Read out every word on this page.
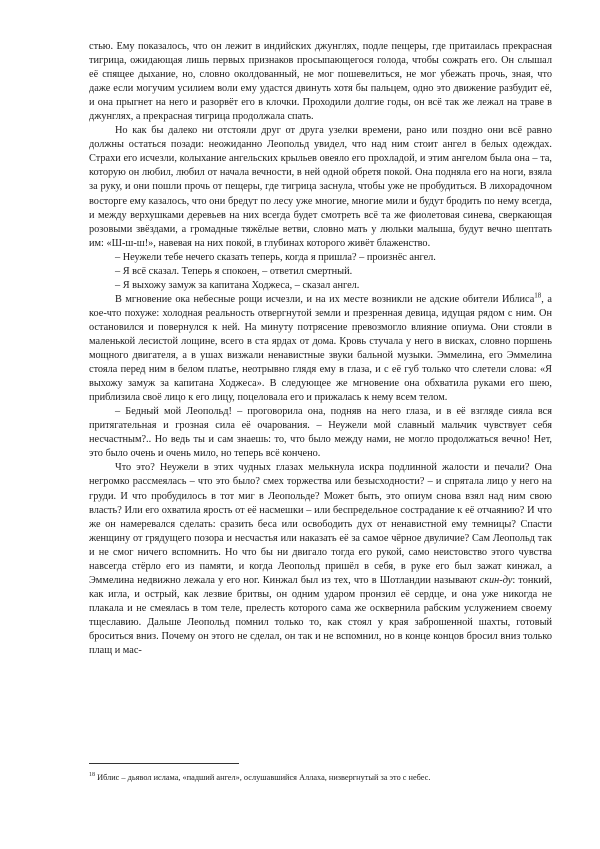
стью. Ему показалось, что он лежит в индийских джунглях, подле пещеры, где притаилась прекрасная тигрица, ожидающая лишь первых признаков просыпающегося голода, чтобы сожрать его. Он слышал её спящее дыхание, но, словно околдованный, не мог пошевелиться, не мог убежать прочь, зная, что даже если могучим усилием воли ему удастся двинуть хотя бы пальцем, одно это движение разбудит её, и она прыгнет на него и разорвёт его в клочки. Проходили долгие годы, он всё так же лежал на траве в джунглях, а прекрасная тигрица продолжала спать.

Но как бы далеко ни отстояли друг от друга узелки времени, рано или поздно они всё равно должны остаться позади: неожиданно Леопольд увидел, что над ним стоит ангел в белых одеждах. Страхи его исчезли, колыхание ангельских крыльев овеяло его прохладой, и этим ангелом была она – та, которую он любил, любил от начала вечности, в ней одной обретя покой. Она подняла его на ноги, взяла за руку, и они пошли прочь от пещеры, где тигрица заснула, чтобы уже не пробудиться. В лихорадочном восторге ему казалось, что они бредут по лесу уже многие, многие мили и будут бродить по нему всегда, и между верхушками деревьев на них всегда будет смотреть всё та же фиолетовая синева, сверкающая розовыми звёздами, а громадные тяжёлые ветви, словно мать у люльки малыша, будут вечно шептать им: «Ш-ш-ш!», навевая на них покой, в глубинах которого живёт блаженство.

– Неужели тебе нечего сказать теперь, когда я пришла? – произнёс ангел.

– Я всё сказал. Теперь я спокоен, – ответил смертный.

– Я выхожу замуж за капитана Ходжеса, – сказал ангел.

В мгновение ока небесные рощи исчезли, и на их месте возникли не адские обители Иблиса$^{18}$, а кое-что похуже: холодная реальность отвергнутой земли и презренная девица, идущая рядом с ним. Он остановился и повернулся к ней. На минуту потрясение превозмогло влияние опиума. Они стояли в маленькой лесистой лощине, всего в ста ярдах от дома. Кровь стучала у него в висках, словно поршень мощного двигателя, а в ушах визжали ненавистные звуки бальной музыки. Эммелина, его Эммелина стояла перед ним в белом платье, неотрывно глядя ему в глаза, и с её губ только что слетели слова: «Я выхожу замуж за капитана Ходжеса». В следующее же мгновение она обхватила руками его шею, приблизила своё лицо к его лицу, поцеловала его и прижалась к нему всем телом.

– Бедный мой Леопольд! – проговорила она, подняв на него глаза, и в её взгляде сияла вся притягательная и грозная сила её очарования. – Неужели мой славный мальчик чувствует себя несчастным?.. Но ведь ты и сам знаешь: то, что было между нами, не могло продолжаться вечно! Нет, это было очень и очень мило, но теперь всё кончено.

Что это? Неужели в этих чудных глазах мелькнула искра подлинной жалости и печали? Она негромко рассмеялась – что это было? смех торжества или безысходности? – и спрятала лицо у него на груди. И что пробудилось в тот миг в Леопольде? Может быть, это опиум снова взял над ним свою власть? Или его охватила ярость от её насмешки – или беспредельное сострадание к её отчаянию? И что же он намеревался сделать: сразить беса или освободить дух от ненавистной ему темницы? Спасти женщину от грядущего позора и несчастья или наказать её за самое чёрное двуличие? Сам Леопольд так и не смог ничего вспомнить. Но что бы ни двигало тогда его рукой, само неистовство этого чувства навсегда стёрло его из памяти, и когда Леопольд пришёл в себя, в руке его был зажат кинжал, а Эммелина недвижно лежала у его ног. Кинжал был из тех, что в Шотландии называют скин-ду: тонкий, как игла, и острый, как лезвие бритвы, он одним ударом пронзил её сердце, и она уже никогда не плакала и не смеялась в том теле, прелесть которого сама же осквернила рабским услужением своему тщеславию. Дальше Леопольд помнил только то, как стоял у края заброшенной шахты, готовый броситься вниз. Почему он этого не сделал, он так и не вспомнил, но в конце концов бросил вниз только плащ и мас-

$^{18}$ Иблис – дьявол ислама, «падший ангел», ослушавшийся Аллаха, низвергнутый за это с небес.
